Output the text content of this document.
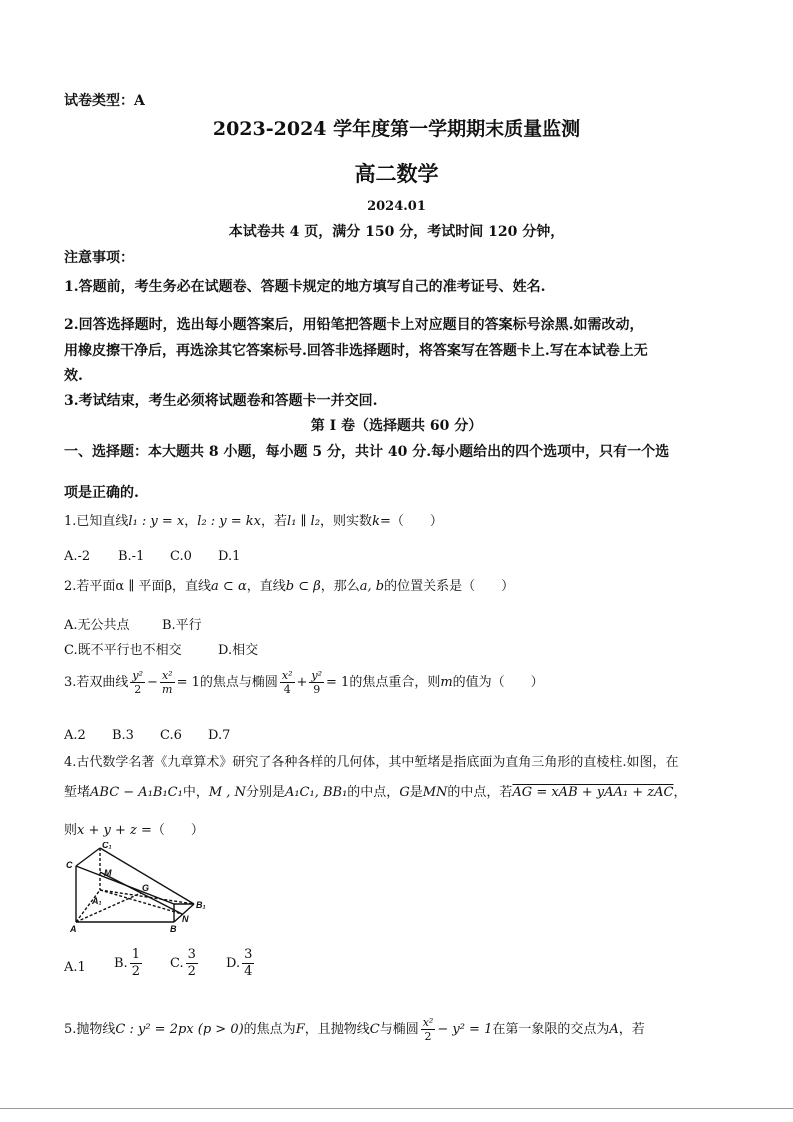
试卷类型：A
2023-2024 学年度第一学期期末质量监测
高二数学
2024.01
本试卷共 4 页，满分 150 分，考试时间 120 分钟，
注意事项：
1.答题前，考生务必在试题卷、答题卡规定的地方填写自己的准考证号、姓名.
2.回答选择题时，选出每小题答案后，用铅笔把答题卡上对应题目的答案标号涂黑.如需改动，
用橡皮擦干净后，再选涂其它答案标号.回答非选择题时，将答案写在答题卡上.写在本试卷上无
效.
3.考试结束，考生必须将试题卷和答题卡一并交回.
第 I 卷（选择题共 60 分）
一、选择题：本大题共 8 小题，每小题 5 分，共计 40 分.每小题给出的四个选项中，只有一个选
项是正确的.
1.已知直线l₁ : y = x，l₂ : y = kx，若l₁ ∥ l₂，则实数k=（　　）
A.-2 B.-1 C.0 D.1
2.若平面α ∥ 平面β，直线a ⊂ α，直线b ⊂ β，那么a, b的位置关系是（　　）
A.无公共点 B.平行
C.既不平行也不相交	D.相交
3.若双曲线 $\frac{\text{y²}}{2} - \frac{\text{x²}}{m} = 1$的焦点与椭圆 $\frac{\text{x²}}{4} + \frac{\text{y²}}{9} = 1$的焦点重合，则m的值为（　　）
A.2 B.3 C.6 D.7
4.古代数学名著《九章算术》研究了各种各样的几何体，其中堑堵是指底面为直角三角形的直棱柱.如图，在
堑堵ABC − A₁B₁C₁中，M , N分别是A₁C₁, BB₁的中点，G是MN的中点，若AG = xAB + yAA₁ + zAC，
则x + y + z =（　　）
C₁
C
M
G
A₁	B₁
N
A	B
A.1 B. $\frac{1}{2} C$. $\frac{3}{2} D$. $\frac{3}{4}$
5.抛物线C : y² = 2px (p > 0)的焦点为F，且抛物线C与椭圆 $\frac{\text{x²}}{2} - y^2 = 1$在第一象限的交点为A，若
